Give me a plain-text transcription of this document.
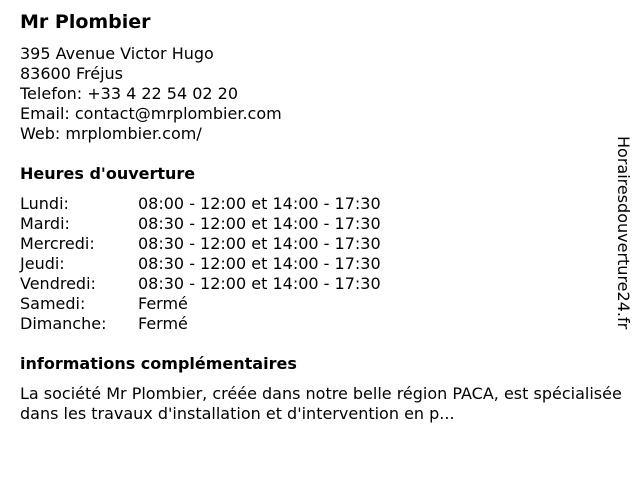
Mr Plombier
395 Avenue Victor Hugo
83600 Fréjus
Telefon: +33 4 22 54 02 20
Email: contact@mrplombier.com
Web: mrplombier.com/
Heures d'ouverture
Lundi:	08:00 - 12:00 et 14:00 - 17:30
Mardi:	08:30 - 12:00 et 14:00 - 17:30
Mercredi:	08:30 - 12:00 et 14:00 - 17:30
Jeudi:	08:30 - 12:00 et 14:00 - 17:30
Vendredi:	08:30 - 12:00 et 14:00 - 17:30
Samedi:	Fermé
Dimanche: Fermé
informations complémentaires
La société Mr Plombier, créée dans notre belle région PACA, est spécialisée dans les travaux d'installation et d'intervention en p...
Horairesdouverture24.fr
